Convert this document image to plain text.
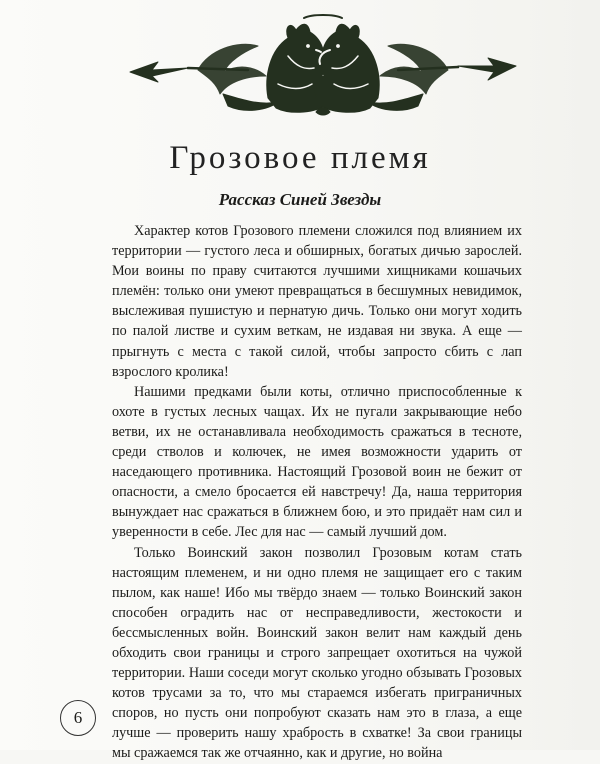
Грозовое племя
Рассказ Синей Звезды

Характер котов Грозового племени сложился под влиянием их территории — густого леса и обширных, богатых дичью зарослей. Мои воины по праву считаются лучшими хищниками кошачьих племён: только они умеют превращаться в бесшумных невидимок, выслеживая пушистую и пернатую дичь. Только они могут ходить по палой листве и сухим веткам, не издавая ни звука. А еще — прыгнуть с места с такой силой, чтобы запросто сбить с лап взрослого кролика!

Нашими предками были коты, отлично приспособленные к охоте в густых лесных чащах. Их не пугали закрывающие небо ветви, их не останавливала необходимость сражаться в тесноте, среди стволов и колючек, не имея возможности ударить от наседающего противника. Настоящий Грозовой воин не бежит от опасности, а смело бросается ей навстречу! Да, наша территория вынуждает нас сражаться в ближнем бою, и это придаёт нам сил и уверенности в себе. Лес для нас — самый лучший дом.

Только Воинский закон позволил Грозовым котам стать настоящим племенем, и ни одно племя не защищает его с таким пылом, как наше! Ибо мы твёрдо знаем — только Воинский закон способен оградить нас от несправедливости, жестокости и бессмысленных войн. Воинский закон велит нам каждый день обходить свои границы и строго запрещает охотиться на чужой территории. Наши соседи могут сколько угодно обзывать Грозовых котов трусами за то, что мы стараемся избегать приграничных споров, но пусть они попробуют сказать нам это в глаза, а еще лучше — проверить нашу храбрость в схватке! За свои границы мы сражаемся так же отчаянно, как и другие, но война

6
